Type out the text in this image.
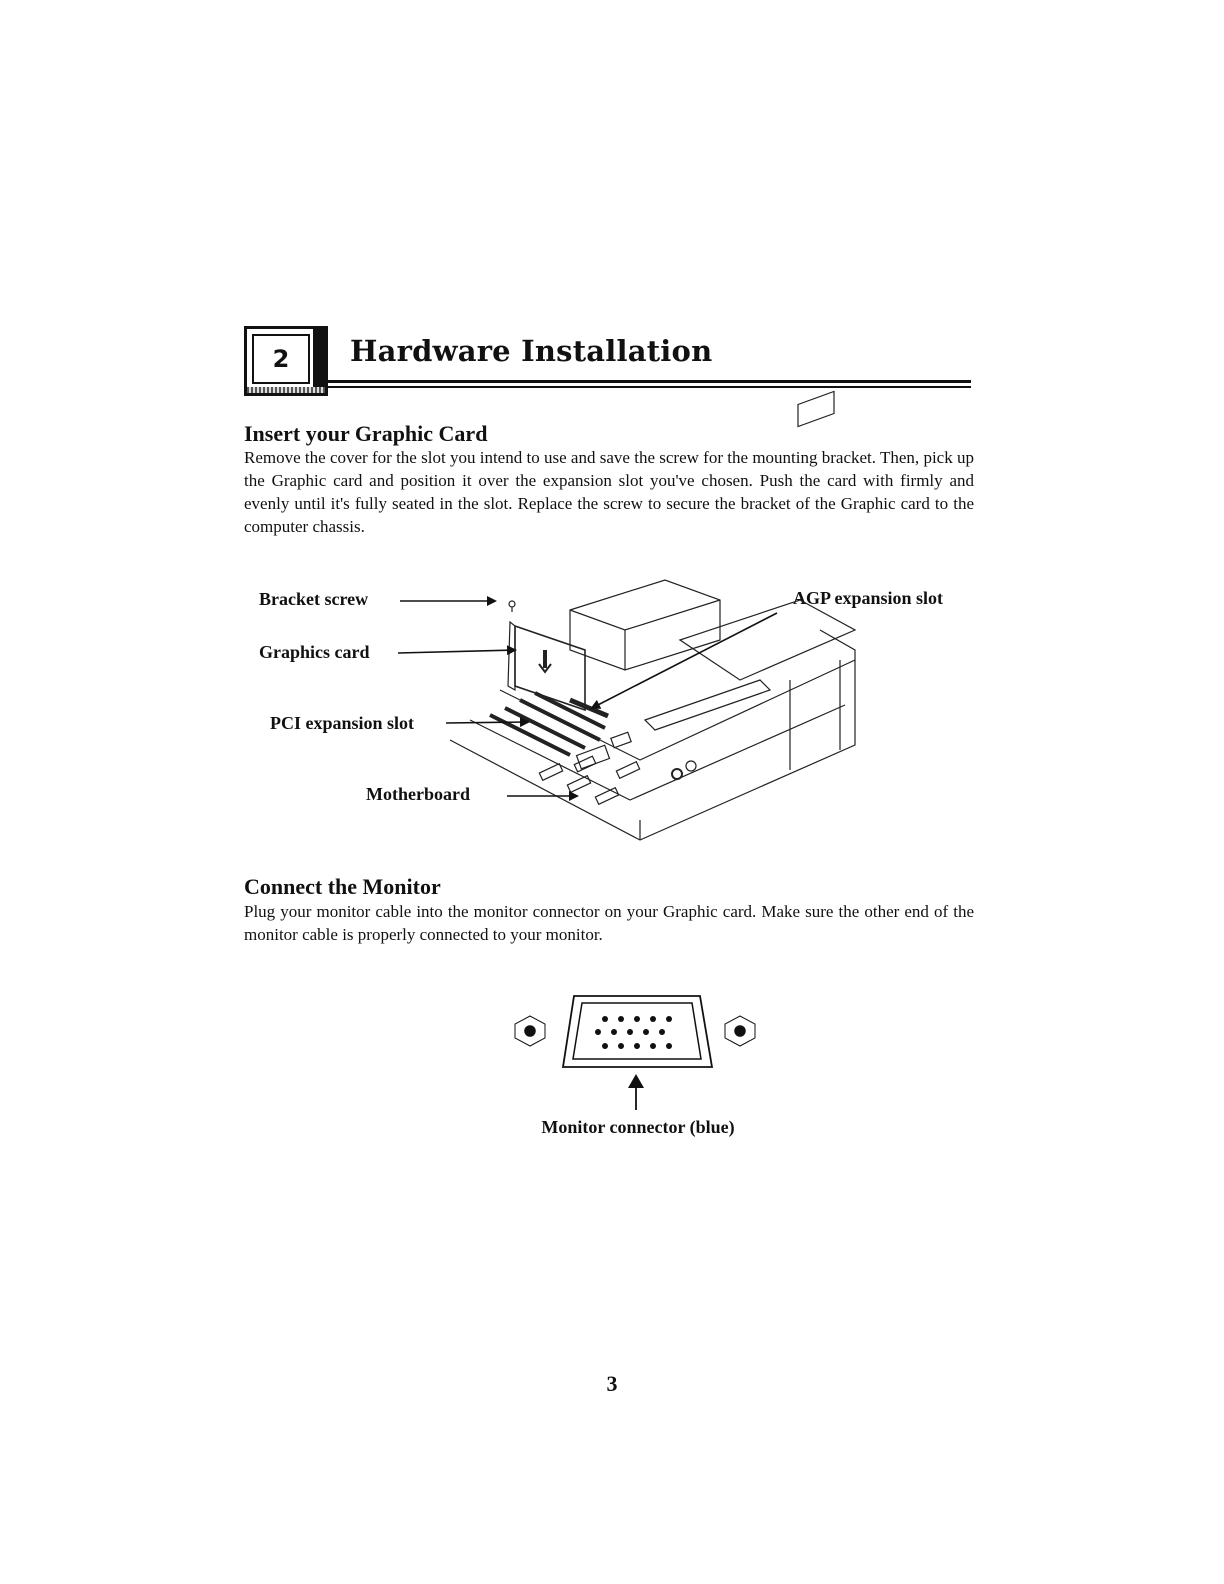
2	Hardware Installation
Insert your Graphic Card

Remove the cover for the slot you intend to use and save the screw for the mounting bracket. Then, pick up the Graphic card and position it over the expansion slot you've chosen. Push the card with firmly and evenly until it's fully seated in the slot. Replace the screw to secure the bracket of the Graphic card to the computer chassis.

Bracket screw
Graphics card
PCI expansion slot
Motherboard
AGP expansion slot
Connect the Monitor

Plug your monitor cable into the monitor connector on your Graphic card. Make sure the other end of the monitor cable is properly connected to your monitor.

Monitor connector (blue)
3
